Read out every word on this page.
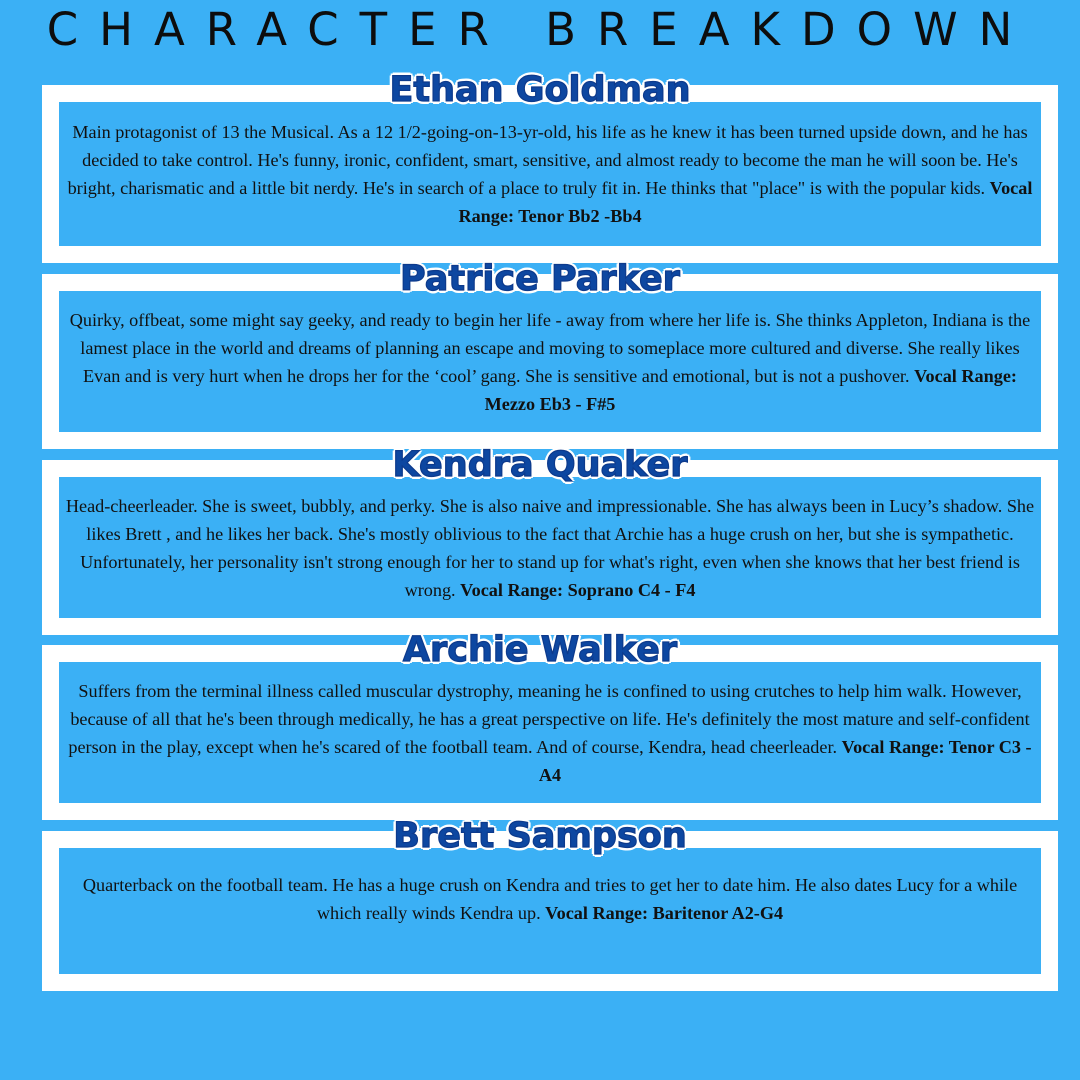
CHARACTER BREAKDOWN

Main protagonist of 13 the Musical. As a 12 1/2-going-on-13-yr-old, his life as he knew it has been turned upside down, and he has decided to take control. He's funny, ironic, confident, smart, sensitive, and almost ready to become the man he will soon be. He's bright, charismatic and a little bit nerdy. He's in search of a place to truly fit in. He thinks that "place" is with the popular kids. Vocal Range: Tenor Bb2 -Bb4

Ethan Goldman

Quirky, offbeat, some might say geeky, and ready to begin her life - away from where her life is. She thinks Appleton, Indiana is the lamest place in the world and dreams of planning an escape and moving to someplace more cultured and diverse. She really likes Evan and is very hurt when he drops her for the ‘cool’ gang. She is sensitive and emotional, but is not a pushover. Vocal Range: Mezzo Eb3 - F#5

Patrice Parker

Head-cheerleader. She is sweet, bubbly, and perky. She is also naive and impressionable. She has always been in Lucy’s shadow. She likes Brett , and he likes her back. She's mostly oblivious to the fact that Archie has a huge crush on her, but she is sympathetic. Unfortunately, her personality isn't strong enough for her to stand up for what's right, even when she knows that her best friend is wrong. Vocal Range: Soprano C4 - F4

Kendra Quaker

Suffers from the terminal illness called muscular dystrophy, meaning he is confined to using crutches to help him walk. However, because of all that he's been through medically, he has a great perspective on life. He's definitely the most mature and self-confident person in the play, except when he's scared of the football team. And of course, Kendra, head cheerleader. Vocal Range: Tenor C3 - A4

Archie Walker

Quarterback on the football team. He has a huge crush on Kendra and tries to get her to date him. He also dates Lucy for a while which really winds Kendra up. Vocal Range: Baritenor A2-G4

Brett Sampson
